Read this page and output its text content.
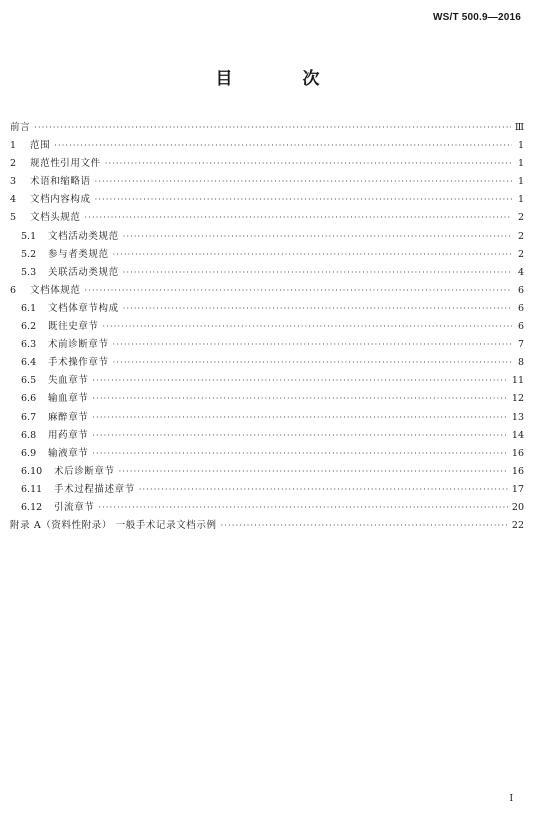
WS/T 500.9—2016
目 次
前言 ·····	Ⅲ
1	范围 ·····	1
2	规范性引用文件 ·····	1
3	术语和缩略语 ·····	1
4	文档内容构成 ·····	1
5	文档头规范 ·····	2
5.1	文档活动类规范 ·····	2
5.2	参与者类规范 ·····	2
5.3	关联活动类规范 ·····	4
6	文档体规范 ·····	6
6.1	文档体章节构成 ·····	6
6.2	既往史章节 ·····	6
6.3	术前诊断章节 ·····	7
6.4	手术操作章节 ·····	8
6.5	失血章节 ·····	11
6.6	输血章节 ·····	12
6.7	麻醉章节 ·····	13
6.8	用药章节 ·····	14
6.9	输液章节 ·····	16
6.10	术后诊断章节 ·····	16
6.11	手术过程描述章节 ·····	17
6.12	引流章节 ·····	20
附录 A（资料性附录） 一般手术记录文档示例 ·····	22
I
